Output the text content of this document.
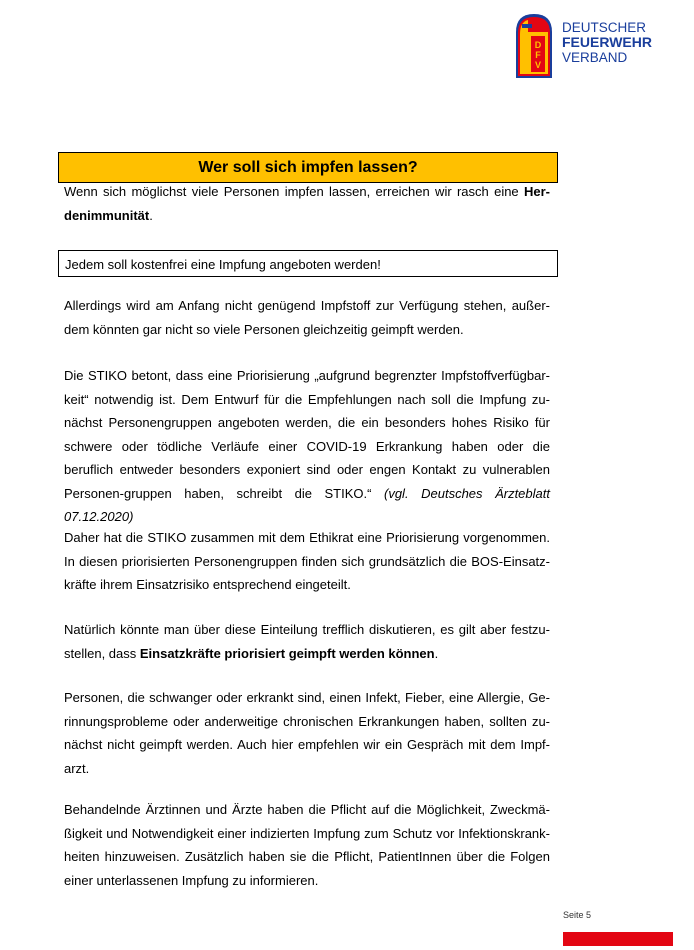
D
F
V
DEUTSCHER
FEUERWEHR
VERBAND
Wer soll sich impfen lassen?

Wenn sich möglichst viele Personen impfen lassen, erreichen wir rasch eine Her-denimmunität.

Jedem soll kostenfrei eine Impfung angeboten werden!

Allerdings wird am Anfang nicht genügend Impfstoff zur Verfügung stehen, außer-dem könnten gar nicht so viele Personen gleichzeitig geimpft werden.

Die STIKO betont, dass eine Priorisierung „aufgrund begrenzter Impfstoffverfügbar-keit“ notwendig ist. Dem Entwurf für die Empfehlungen nach soll die Impfung zu-nächst Personengruppen angeboten werden, die ein besonders hohes Risiko für schwere oder tödliche Verläufe einer COVID-19 Erkrankung haben oder die beruflich entweder besonders exponiert sind oder engen Kontakt zu vulnerablen Personen-gruppen haben, schreibt die STIKO.“ (vgl. Deutsches Ärzteblatt 07.12.2020)

Daher hat die STIKO zusammen mit dem Ethikrat eine Priorisierung vorgenommen. In diesen priorisierten Personengruppen finden sich grundsätzlich die BOS-Einsatz-kräfte ihrem Einsatzrisiko entsprechend eingeteilt.

Natürlich könnte man über diese Einteilung trefflich diskutieren, es gilt aber festzu-stellen, dass Einsatzkräfte priorisiert geimpft werden können.

Personen, die schwanger oder erkrankt sind, einen Infekt, Fieber, eine Allergie, Ge-rinnungsprobleme oder anderweitige chronischen Erkrankungen haben, sollten zu-nächst nicht geimpft werden. Auch hier empfehlen wir ein Gespräch mit dem Impf-arzt.

Behandelnde Ärztinnen und Ärzte haben die Pflicht auf die Möglichkeit, Zweckmä-ßigkeit und Notwendigkeit einer indizierten Impfung zum Schutz vor Infektionskrank-heiten hinzuweisen. Zusätzlich haben sie die Pflicht, PatientInnen über die Folgen einer unterlassenen Impfung zu informieren.

Seite 5
